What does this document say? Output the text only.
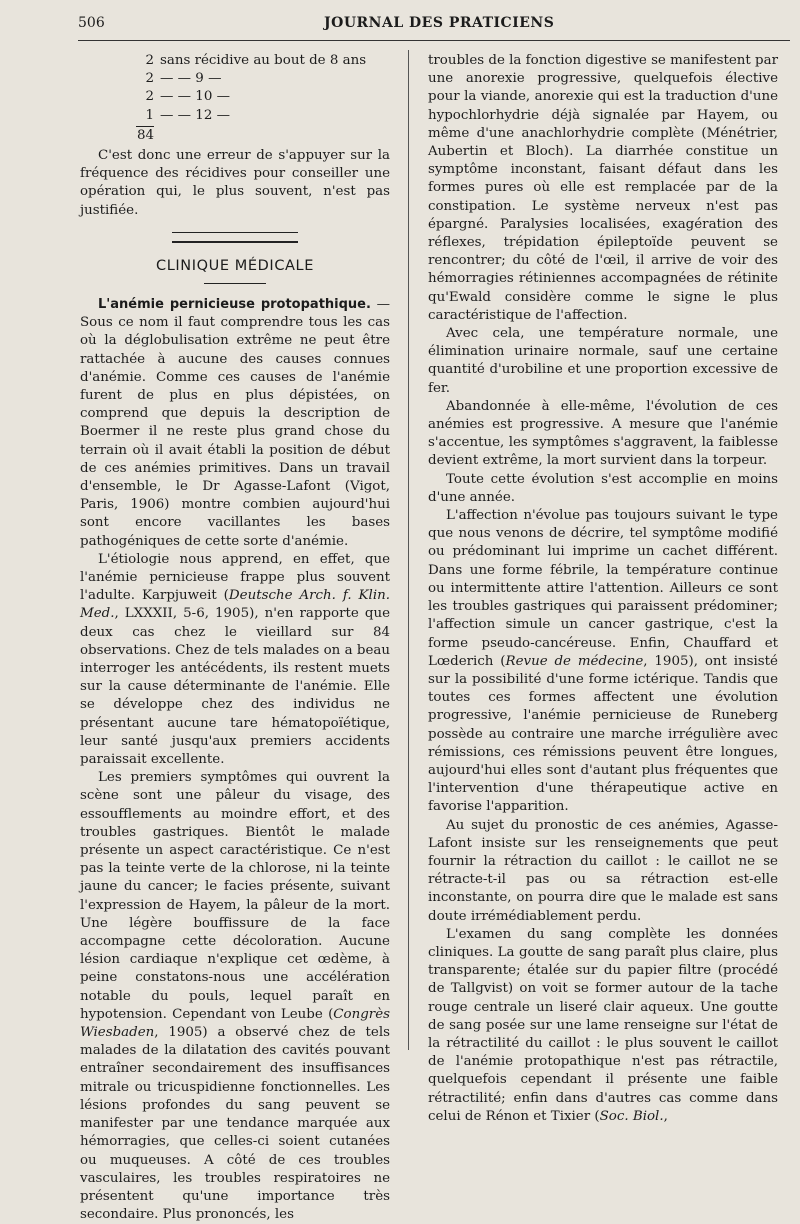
506	JOURNAL DES PRATICIENS
2 sans récidive au bout de 8 ans
2 — — 9 —
2 — — 10 —
1 — — 12 —
84

C'est donc une erreur de s'appuyer sur la fréquence des récidives pour conseiller une opération qui, le plus souvent, n'est pas justifiée.

CLINIQUE MÉDICALE

L'anémie pernicieuse protopathique. — Sous ce nom il faut comprendre tous les cas où la déglobulisation extrême ne peut être rattachée à aucune des causes connues d'anémie. Comme ces causes de l'anémie furent de plus en plus dépistées, on comprend que depuis la description de Boermer il ne reste plus grand chose du terrain où il avait établi la position de début de ces anémies primitives. Dans un travail d'ensemble, le Dr Agasse-Lafont (Vigot, Paris, 1906) montre combien aujourd'hui sont encore vacillantes les bases pathogéniques de cette sorte d'anémie.

L'étiologie nous apprend, en effet, que l'anémie pernicieuse frappe plus souvent l'adulte. Karpjuweit (Deutsche Arch. f. Klin. Med., LXXXII, 5-6, 1905), n'en rapporte que deux cas chez le vieillard sur 84 observations. Chez de tels malades on a beau interroger les antécédents, ils restent muets sur la cause déterminante de l'anémie. Elle se développe chez des individus ne présentant aucune tare hématopoïétique, leur santé jusqu'aux premiers accidents paraissait excellente.

Les premiers symptômes qui ouvrent la scène sont une pâleur du visage, des essoufflements au moindre effort, et des troubles gastriques. Bientôt le malade présente un aspect caractéristique. Ce n'est pas la teinte verte de la chlorose, ni la teinte jaune du cancer; le facies présente, suivant l'expression de Hayem, la pâleur de la mort. Une légère bouffissure de la face accompagne cette décoloration. Aucune lésion cardiaque n'explique cet œdème, à peine constatons-nous une accélération notable du pouls, lequel paraît en hypotension. Cependant von Leube (Congrès Wiesbaden, 1905) a observé chez de tels malades de la dilatation des cavités pouvant entraîner secondairement des insuffisances mitrale ou tricuspidienne fonctionnelles. Les lésions profondes du sang peuvent se manifester par une tendance marquée aux hémorragies, que celles-ci soient cutanées ou muqueuses. A côté de ces troubles vasculaires, les troubles respiratoires ne présentent qu'une importance très secondaire. Plus prononcés, les

troubles de la fonction digestive se manifestent par une anorexie progressive, quelquefois élective pour la viande, anorexie qui est la traduction d'une hypochlorhydrie déjà signalée par Hayem, ou même d'une anachlorhydrie complète (Ménétrier, Aubertin et Bloch). La diarrhée constitue un symptôme inconstant, faisant défaut dans les formes pures où elle est remplacée par de la constipation. Le système nerveux n'est pas épargné. Paralysies localisées, exagération des réflexes, trépidation épileptoïde peuvent se rencontrer; du côté de l'œil, il arrive de voir des hémorragies rétiniennes accompagnées de rétinite qu'Ewald considère comme le signe le plus caractéristique de l'affection.

Avec cela, une température normale, une élimination urinaire normale, sauf une certaine quantité d'urobiline et une proportion excessive de fer.

Abandonnée à elle-même, l'évolution de ces anémies est progressive. A mesure que l'anémie s'accentue, les symptômes s'aggravent, la faiblesse devient extrême, la mort survient dans la torpeur.

Toute cette évolution s'est accomplie en moins d'une année.

L'affection n'évolue pas toujours suivant le type que nous venons de décrire, tel symptôme modifié ou prédominant lui imprime un cachet différent. Dans une forme fébrile, la température continue ou intermittente attire l'attention. Ailleurs ce sont les troubles gastriques qui paraissent prédominer; l'affection simule un cancer gastrique, c'est la forme pseudo-cancéreuse. Enfin, Chauffard et Lœderich (Revue de médecine, 1905), ont insisté sur la possibilité d'une forme ictérique. Tandis que toutes ces formes affectent une évolution progressive, l'anémie pernicieuse de Runeberg possède au contraire une marche irrégulière avec rémissions, ces rémissions peuvent être longues, aujourd'hui elles sont d'autant plus fréquentes que l'intervention d'une thérapeutique active en favorise l'apparition.

Au sujet du pronostic de ces anémies, Agasse-Lafont insiste sur les renseignements que peut fournir la rétraction du caillot : le caillot ne se rétracte-t-il pas ou sa rétraction est-elle inconstante, on pourra dire que le malade est sans doute irrémédiablement perdu.

L'examen du sang complète les données cliniques. La goutte de sang paraît plus claire, plus transparente; étalée sur du papier filtre (procédé de Tallgvist) on voit se former autour de la tache rouge centrale un liseré clair aqueux. Une goutte de sang posée sur une lame renseigne sur l'état de la rétractilité du caillot : le plus souvent le caillot de l'anémie protopathique n'est pas rétractile, quelquefois cependant il présente une faible rétractilité; enfin dans d'autres cas comme dans celui de Rénon et Tixier (Soc. Biol.,
